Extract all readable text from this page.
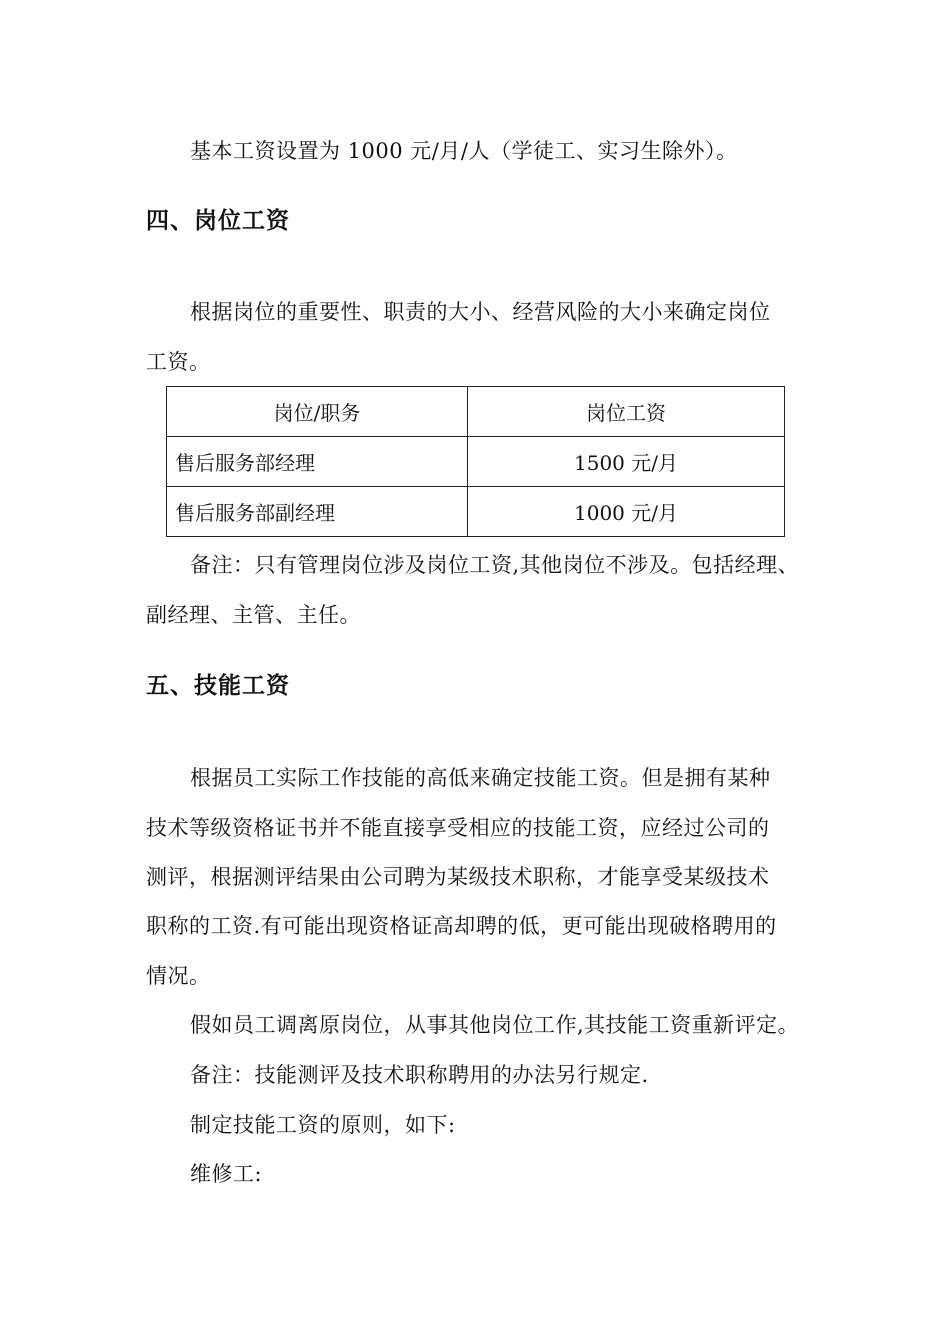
基本工资设置为 1000 元/月/人（学徒工、实习生除外）。
四、岗位工资
根据岗位的重要性、职责的大小、经营风险的大小来确定岗位
工资。
岗位/职务	岗位工资
售后服务部经理	1500 元/月
售后服务部副经理	1000 元/月
备注：只有管理岗位涉及岗位工资,其他岗位不涉及。包括经理、
副经理、主管、主任。
五、技能工资
根据员工实际工作技能的高低来确定技能工资。但是拥有某种
技术等级资格证书并不能直接享受相应的技能工资，应经过公司的
测评，根据测评结果由公司聘为某级技术职称，才能享受某级技术
职称的工资.有可能出现资格证高却聘的低，更可能出现破格聘用的
情况。
假如员工调离原岗位，从事其他岗位工作,其技能工资重新评定。
备注：技能测评及技术职称聘用的办法另行规定.
制定技能工资的原则，如下:
维修工:
